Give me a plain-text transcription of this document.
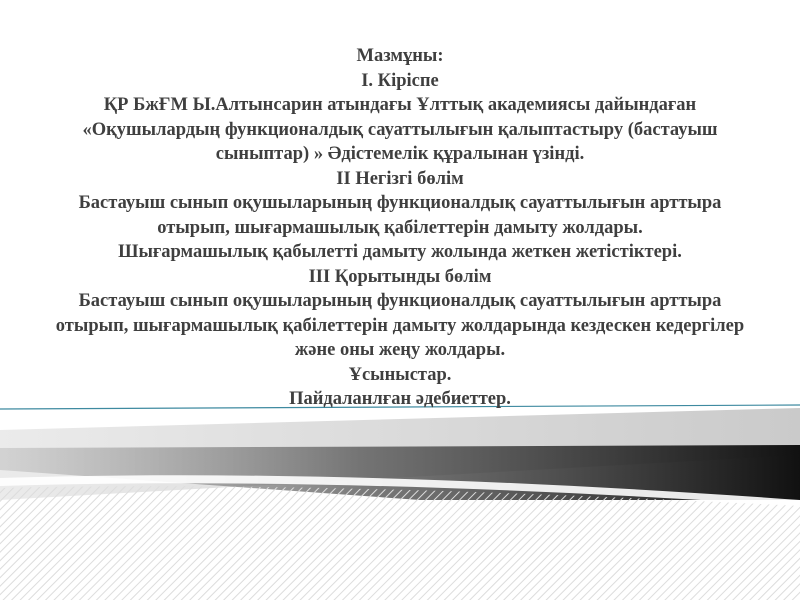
Мазмұны:
І. Кіріспе
ҚР БжҒМ Ы.Алтынсарин атындағы Ұлттық академиясы дайындаған «Оқушылардың функционалдық сауаттылығын қалыптастыру (бастауыш сыныптар) » Әдістемелік құралынан үзінді.
ІІ Негізгі бөлім
Бастауыш сынып оқушыларының функционалдық сауаттылығын арттыра отырып, шығармашылық қабілеттерін дамыту жолдары.
Шығармашылық қабылетті дамыту жолында жеткен жетістіктері.
ІІІ Қорытынды бөлім
Бастауыш сынып оқушыларының функционалдық сауаттылығын арттыра отырып, шығармашылық қабілеттерін дамыту жолдарында кездескен кедергілер және оны жеңу жолдары.
Ұсыныстар.
Пайдаланлған әдебиеттер.
